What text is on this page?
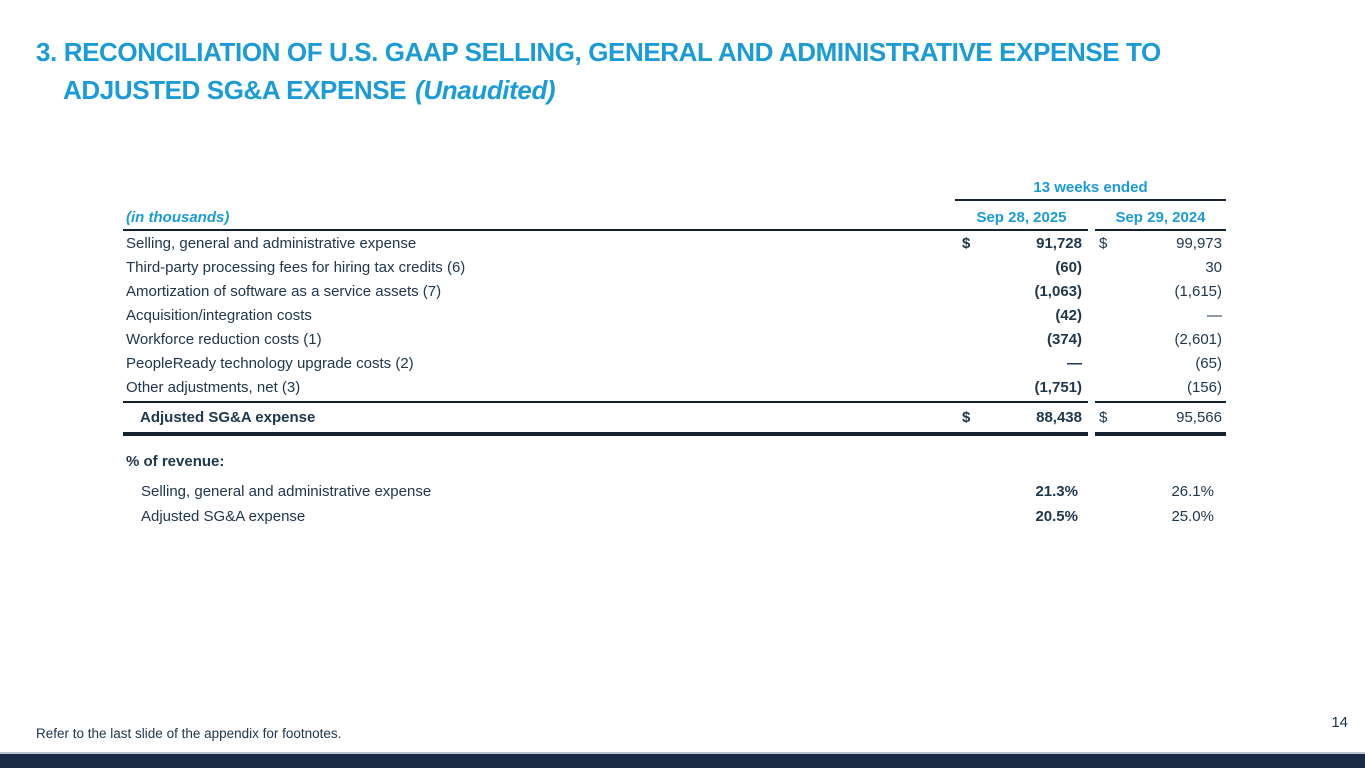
3. RECONCILIATION OF U.S. GAAP SELLING, GENERAL AND ADMINISTRATIVE EXPENSE TO
ADJUSTED SG&A EXPENSE (Unaudited)
13 weeks ended
(in thousands)	Sep 28, 2025	Sep 29, 2024
Selling, general and administrative expense	$	91,728	$	99,973
Third-party processing fees for hiring tax credits (6)	(60)	30
Amortization of software as a service assets (7)	(1,063)	(1,615)
Acquisition/integration costs	(42)	—
Workforce reduction costs (1)	(374)	(2,601)
PeopleReady technology upgrade costs (2)	—	(65)
Other adjustments, net (3)	(1,751)	(156)
Adjusted SG&A expense	$	88,438	$	95,566
% of revenue:
Selling, general and administrative expense	21.3%	26.1%
Adjusted SG&A expense	20.5%	25.0%
Refer to the last slide of the appendix for footnotes.
14
